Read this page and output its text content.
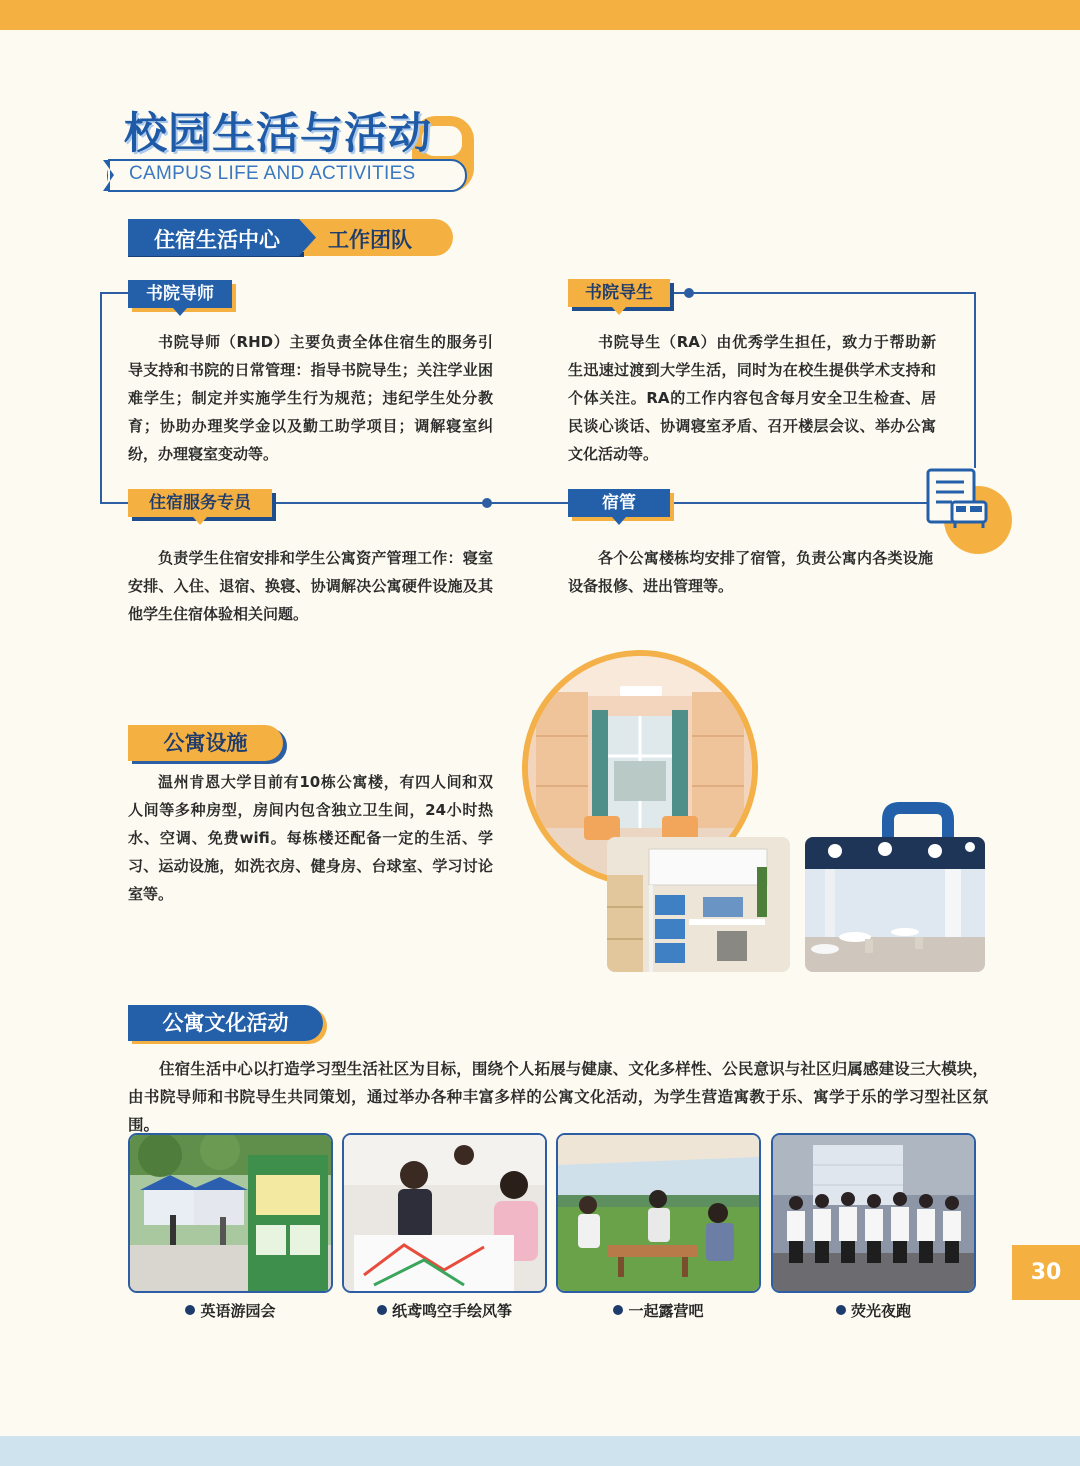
校园生活与活动
CAMPUS LIFE AND ACTIVITIES
住宿生活中心	工作团队
书院导师	书院导生
住宿服务专员	宿管
书院导师（RHD）主要负责全体住宿生的服务引导支持和书院的日常管理：指导书院导生；关注学业困难学生；制定并实施学生行为规范；违纪学生处分教育；协助办理奖学金以及勤工助学项目；调解寝室纠纷，办理寝室变动等。
书院导生（RA）由优秀学生担任，致力于帮助新生迅速过渡到大学生活，同时为在校生提供学术支持和个体关注。RA的工作内容包含每月安全卫生检查、居民谈心谈话、协调寝室矛盾、召开楼层会议、举办公寓文化活动等。
负责学生住宿安排和学生公寓资产管理工作：寝室安排、入住、退宿、换寝、协调解决公寓硬件设施及其他学生住宿体验相关问题。
各个公寓楼栋均安排了宿管，负责公寓内各类设施设备报修、进出管理等。
公寓设施
温州肯恩大学目前有10栋公寓楼，有四人间和双人间等多种房型，房间内包含独立卫生间，24小时热水、空调、免费wifi。每栋楼还配备一定的生活、学习、运动设施，如洗衣房、健身房、台球室、学习讨论室等。
公寓文化活动
住宿生活中心以打造学习型生活社区为目标，围绕个人拓展与健康、文化多样性、公民意识与社区归属感建设三大模块，由书院导师和书院导生共同策划，通过举办各种丰富多样的公寓文化活动，为学生营造寓教于乐、寓学于乐的学习型社区氛围。
英语游园会	纸鸢鸣空手绘风筝	一起露营吧	荧光夜跑
30
